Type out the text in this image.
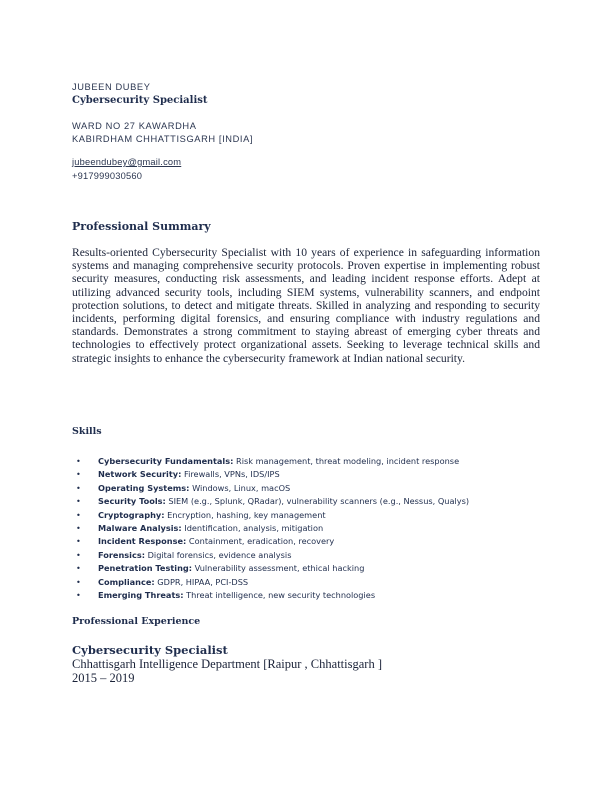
JUBEEN DUBEY
Cybersecurity Specialist
WARD NO 27 KAWARDHA
KABIRDHAM CHHATTISGARH [INDIA]
jubeendubey@gmail.com
+917999030560
Professional Summary
Results-oriented Cybersecurity Specialist with 10 years of experience in safeguarding information systems and managing comprehensive security protocols. Proven expertise in implementing robust security measures, conducting risk assessments, and leading incident response efforts. Adept at utilizing advanced security tools, including SIEM systems, vulnerability scanners, and endpoint protection solutions, to detect and mitigate threats. Skilled in analyzing and responding to security incidents, performing digital forensics, and ensuring compliance with industry regulations and standards. Demonstrates a strong commitment to staying abreast of emerging cyber threats and technologies to effectively protect organizational assets. Seeking to leverage technical skills and strategic insights to enhance the cybersecurity framework at Indian national security.
Skills
• Cybersecurity Fundamentals: Risk management, threat modeling, incident response
• Network Security: Firewalls, VPNs, IDS/IPS
• Operating Systems: Windows, Linux, macOS
• Security Tools: SIEM (e.g., Splunk, QRadar), vulnerability scanners (e.g., Nessus, Qualys)
• Cryptography: Encryption, hashing, key management
• Malware Analysis: Identification, analysis, mitigation
• Incident Response: Containment, eradication, recovery
• Forensics: Digital forensics, evidence analysis
• Penetration Testing: Vulnerability assessment, ethical hacking
• Compliance: GDPR, HIPAA, PCI-DSS
• Emerging Threats: Threat intelligence, new security technologies
Professional Experience
Cybersecurity Specialist
Chhattisgarh Intelligence Department [Raipur , Chhattisgarh ]
2015 – 2019
